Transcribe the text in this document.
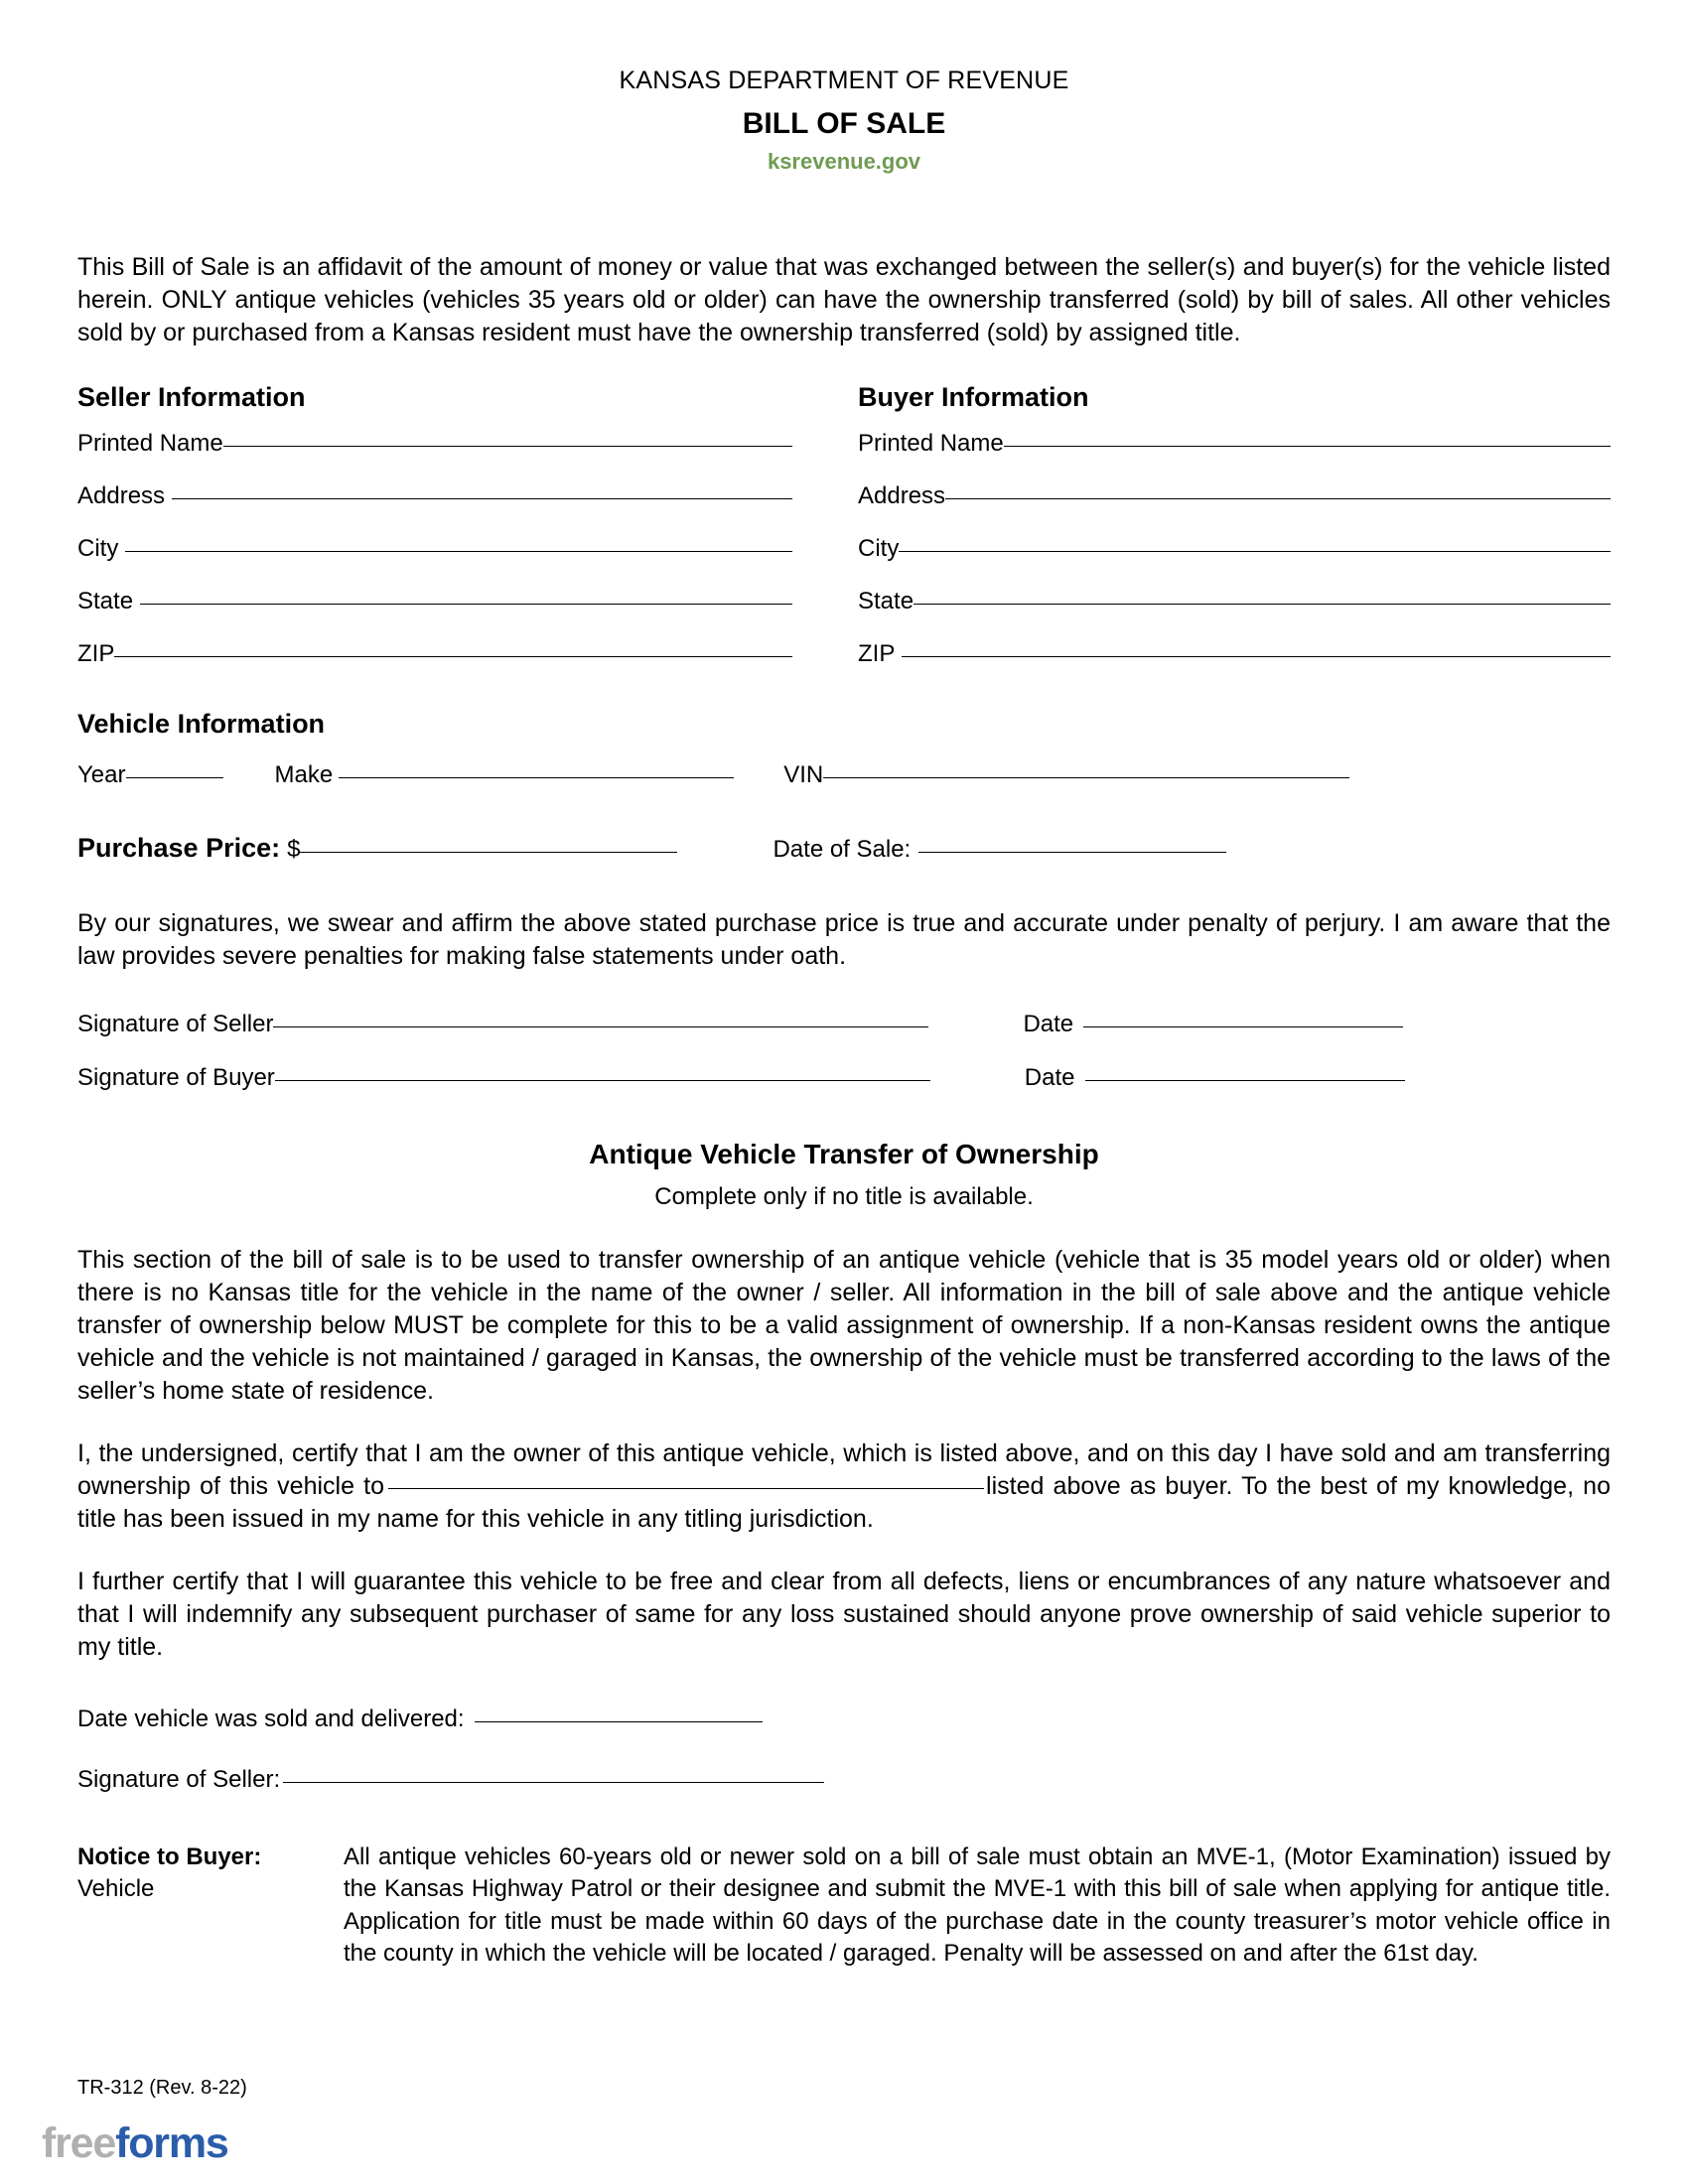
KANSAS DEPARTMENT OF REVENUE
BILL OF SALE
ksrevenue.gov
This Bill of Sale is an affidavit of the amount of money or value that was exchanged between the seller(s) and buyer(s) for the vehicle listed herein. ONLY antique vehicles (vehicles 35 years old or older) can have the ownership transferred (sold) by bill of sales. All other vehicles sold by or purchased from a Kansas resident must have the ownership transferred (sold) by assigned title.
Seller Information
Printed Name
Address
City
State
ZIP
Buyer Information
Printed Name
Address
City
State
ZIP
Vehicle Information
Year	Make	VIN
Purchase Price: $	Date of Sale:
By our signatures, we swear and affirm the above stated purchase price is true and accurate under penalty of perjury. I am aware that the law provides severe penalties for making false statements under oath.
Signature of Seller	Date
Signature of Buyer	Date
Antique Vehicle Transfer of Ownership
Complete only if no title is available.
This section of the bill of sale is to be used to transfer ownership of an antique vehicle (vehicle that is 35 model years old or older) when there is no Kansas title for the vehicle in the name of the owner / seller. All information in the bill of sale above and the antique vehicle transfer of ownership below MUST be complete for this to be a valid assignment of ownership. If a non-Kansas resident owns the antique vehicle and the vehicle is not maintained / garaged in Kansas, the ownership of the vehicle must be transferred according to the laws of the seller’s home state of residence.
I, the undersigned, certify that I am the owner of this antique vehicle, which is listed above, and on this day I have sold and am transferring ownership of this vehicle to	listed above as buyer. To the best of my knowledge, no title has been issued in my name for this vehicle in any titling jurisdiction.
I further certify that I will guarantee this vehicle to be free and clear from all defects, liens or encumbrances of any nature whatsoever and that I will indemnify any subsequent purchaser of same for any loss sustained should anyone prove ownership of said vehicle superior to my title.
Date vehicle was sold and delivered:
Signature of Seller:
Notice to Buyer:
Vehicle
All antique vehicles 60-years old or newer sold on a bill of sale must obtain an MVE-1, (Motor Examination) issued by the Kansas Highway Patrol or their designee and submit the MVE-1 with this bill of sale when applying for antique title. Application for title must be made within 60 days of the purchase date in the county treasurer’s motor vehicle office in the county in which the vehicle will be located / garaged. Penalty will be assessed on and after the 61st day.
TR-312 (Rev. 8-22)
freeforms
